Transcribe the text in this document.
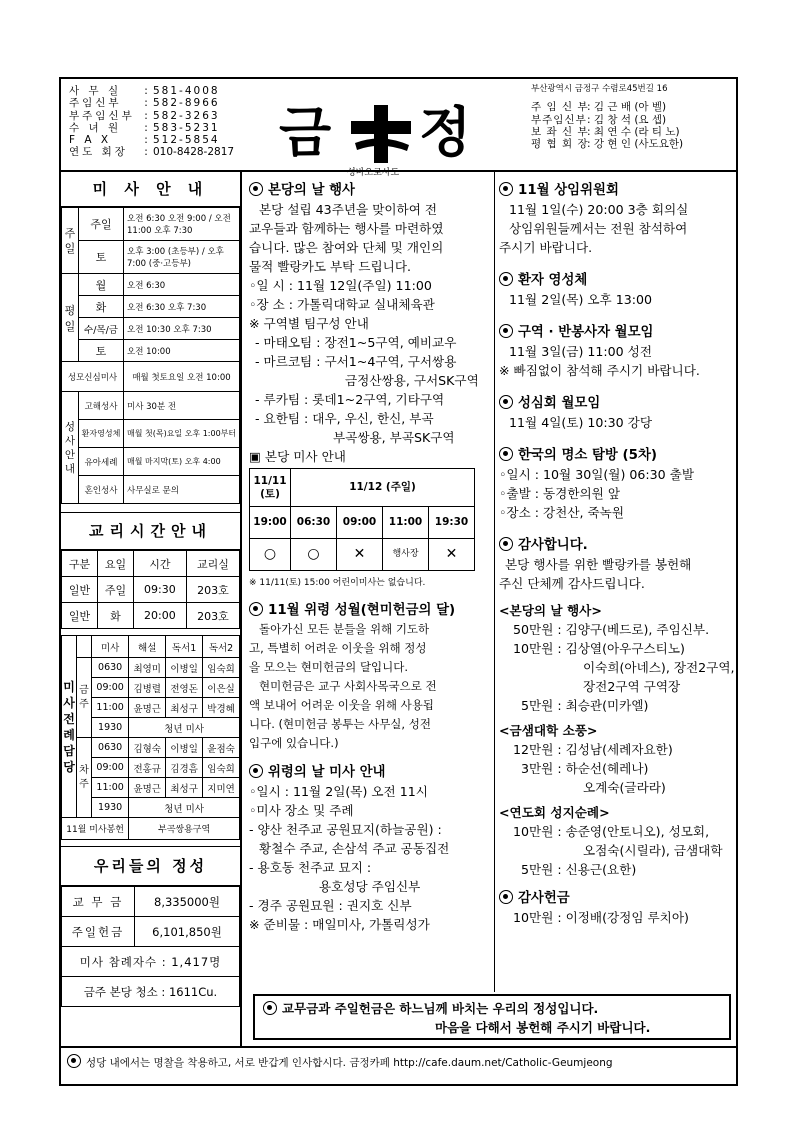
사 무 실	: 581-4008
주임신부	: 582-8966
부주임신부 : 582-3263
수 녀 원	: 583-5231
F A X	: 512-5854
연도 회장	: 010-8428-2817 금 정
성바오로사도
부산광역시 금정구 수렴로45번길 16
주 임 신 부
: 김 근 배 (아 벨)
부주임신부 : 김 창 석 (요 셉)
보 좌 신 부
: 최 연 수 (라 티 노)
평 협 회 장
: 강 현 인 (사도요한)
미 사 안 내
주일	주일	오전 6:30 오전 9:00 / 오전 11:00 오후 7:30
	토	오후 3:00 (초등부) / 오후 7:00 (중·고등부)
평일	월	오전 6:30
	화	오전 6:30 오후 7:30
	수/목/금	오전 10:30 오후 7:30
	토	오전 10:00
성모신심미사		매월 첫토요일 오전 10:00
성사안내	고해성사	미사 30분 전
	환자영성체	매월 첫(목)요일 오후 1:00부터
	유아세례	매월 마지막(토) 오후 4:00
	혼인성사	사무실로 문의
교리시간안내
구분	요일	시간	교리실
일반	주일	09:30	203호
일반	화	20:00	203호
미사전례담당		미사	해설	독서1	독서2
	금주	0630	최영미	이병일	임숙희
		09:00	김병렬	전영돈	이은실
		11:00	윤명근	최성구	박경혜
		1930	청년 미사		
	차주	0630	김형숙	이병일	윤점숙
		09:00	전홍규	김경흠	임숙희
		11:00	윤명근	최성구	지미연
		1930	청년 미사		
11월 미사봉헌			부곡쌍용구역		
우리들의 정성
교 무 금	8,335000원
주일헌금	6,101,850원
미사 참례자수 : 1,417명	
금주 본당 청소 : 1611Cu.	
본당의 날 행사

본당 설립 43주년을 맞이하여 전

교우들과 함께하는 행사를 마련하였

습니다. 많은 참여와 단체 및 개인의

물적 빨랑카도 부탁 드립니다.

◦일 시 : 11월 12일(주일) 11:00

◦장 소 : 가톨릭대학교 실내체육관

※ 구역별 팀구성 안내

- 마태오팀 : 장전1~5구역, 예비교우

- 마르코팀 : 구서1~4구역, 구서쌍용

금정산쌍용, 구서SK구역

- 루카팀 : 롯데1~2구역, 기타구역

- 요한팀 : 대우, 우신, 한신, 부곡

부곡쌍용, 부곡SK구역

▣ 본당 미사 안내

11/11 (토)	11/12 (주일)			
19:00	06:30	09:00	11:00	19:30
○	○	✕	행사장	✕

※ 11/11(토) 15:00 어린이미사는 없습니다.

11월 위령 성월(현미헌금의 달)

돌아가신 모든 분들을 위해 기도하

고, 특별히 어려운 이웃을 위해 정성

을 모으는 현미헌금의 달입니다.

현미헌금은 교구 사회사목국으로 전

액 보내어 어려운 이웃을 위해 사용됩

니다. (현미헌금 봉투는 사무실, 성전

입구에 있습니다.)

위령의 날 미사 안내

◦일시 : 11월 2일(목) 오전 11시

◦미사 장소 및 주례

- 양산 천주교 공원묘지(하늘공원) :

황철수 주교, 손삼석 주교 공동집전

- 용호동 천주교 묘지 :

용호성당 주임신부

- 경주 공원묘원 : 권지호 신부

※ 준비물 : 매일미사, 가톨릭성가

11월 상임위원회

11월 1일(수) 20:00 3층 회의실

상임위원들께서는 전원 참석하여

주시기 바랍니다.

환자 영성체

11월 2일(목) 오후 13:00

구역 · 반봉사자 월모임

11월 3일(금) 11:00 성전

※ 빠짐없이 참석해 주시기 바랍니다.

성심회 월모임

11월 4일(토) 10:30 강당

한국의 명소 탐방 (5차)

◦일시 : 10월 30일(월) 06:30 출발

◦출발 : 동경한의원 앞

◦장소 : 강천산, 죽녹원

감사합니다.

본당 행사를 위한 빨랑카를 봉헌해

주신 단체께 감사드립니다.

<본당의 날 행사>

50만원 : 김양구(베드로), 주임신부.

10만원 : 김상열(아우구스티노)

이숙희(아네스), 장전2구역,

장전2구역 구역장

5만원 : 최승관(미카엘)

<금샘대학 소풍>

12만원 : 김성남(세례자요한)

3만원 : 하순선(헤레나)

오계숙(글라라)

<연도회 성지순례>

10만원 : 송준영(안토니오), 성모회,

오점숙(시릴라), 금샘대학

5만원 : 신용근(요한)

감사헌금

10만원 : 이정배(강정임 루치아)

교무금과 주일헌금은 하느님께 바치는 우리의 정성입니다.
마음을 다해서 봉헌해 주시기 바랍니다.
성당 내에서는 명찰을 착용하고, 서로 반갑게 인사합시다. 금정카페 http://cafe.daum.net/Catholic-Geumjeong
